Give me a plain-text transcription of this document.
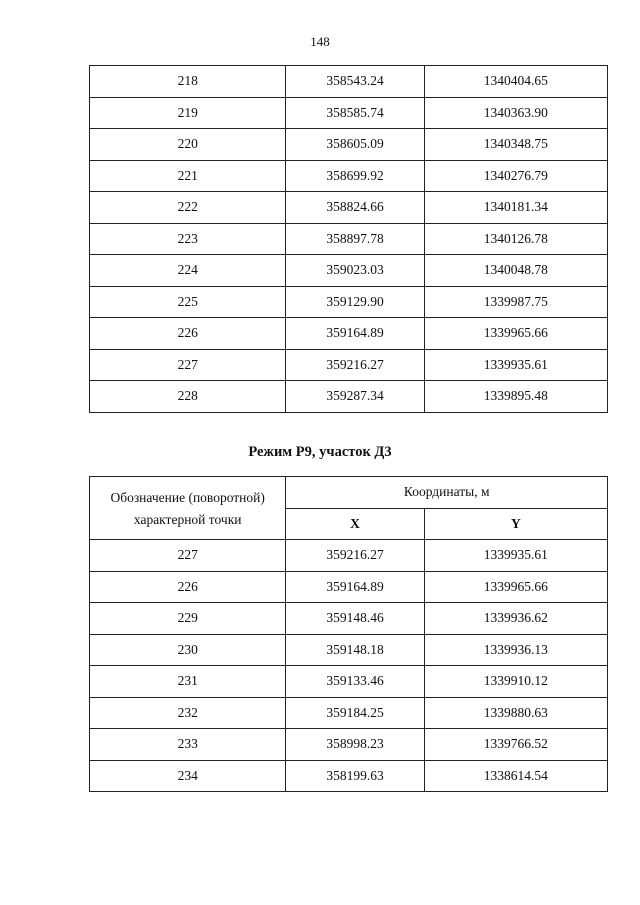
148
218	358543.24	1340404.65
219	358585.74	1340363.90
220	358605.09	1340348.75
221	358699.92	1340276.79
222	358824.66	1340181.34
223	358897.78	1340126.78
224	359023.03	1340048.78
225	359129.90	1339987.75
226	359164.89	1339965.66
227	359216.27	1339935.61
228	359287.34	1339895.48
Режим Р9, участок Д3
Обозначение (поворотной)
характерной точки	Координаты, м	
	X	Y
227	359216.27	1339935.61
226	359164.89	1339965.66
229	359148.46	1339936.62
230	359148.18	1339936.13
231	359133.46	1339910.12
232	359184.25	1339880.63
233	358998.23	1339766.52
234	358199.63	1338614.54
